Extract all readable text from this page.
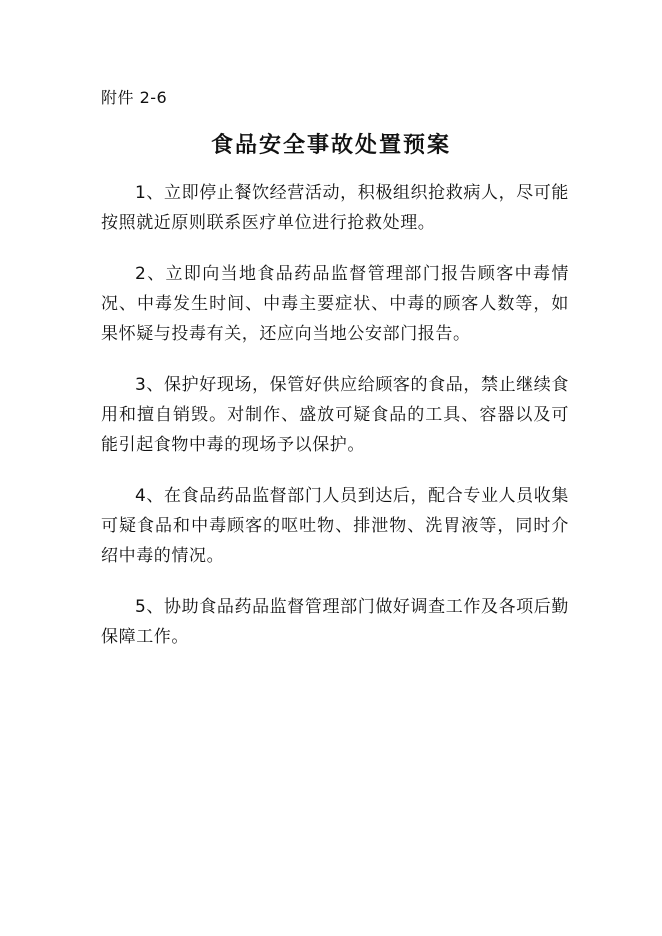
附件 2-6
食品安全事故处置预案

1、立即停止餐饮经营活动，积极组织抢救病人，尽可能按照就近原则联系医疗单位进行抢救处理。

2、立即向当地食品药品监督管理部门报告顾客中毒情况、中毒发生时间、中毒主要症状、中毒的顾客人数等，如果怀疑与投毒有关，还应向当地公安部门报告。

3、保护好现场，保管好供应给顾客的食品，禁止继续食用和擅自销毁。对制作、盛放可疑食品的工具、容器以及可能引起食物中毒的现场予以保护。

4、在食品药品监督部门人员到达后，配合专业人员收集可疑食品和中毒顾客的呕吐物、排泄物、洗胃液等，同时介绍中毒的情况。

5、协助食品药品监督管理部门做好调查工作及各项后勤保障工作。
